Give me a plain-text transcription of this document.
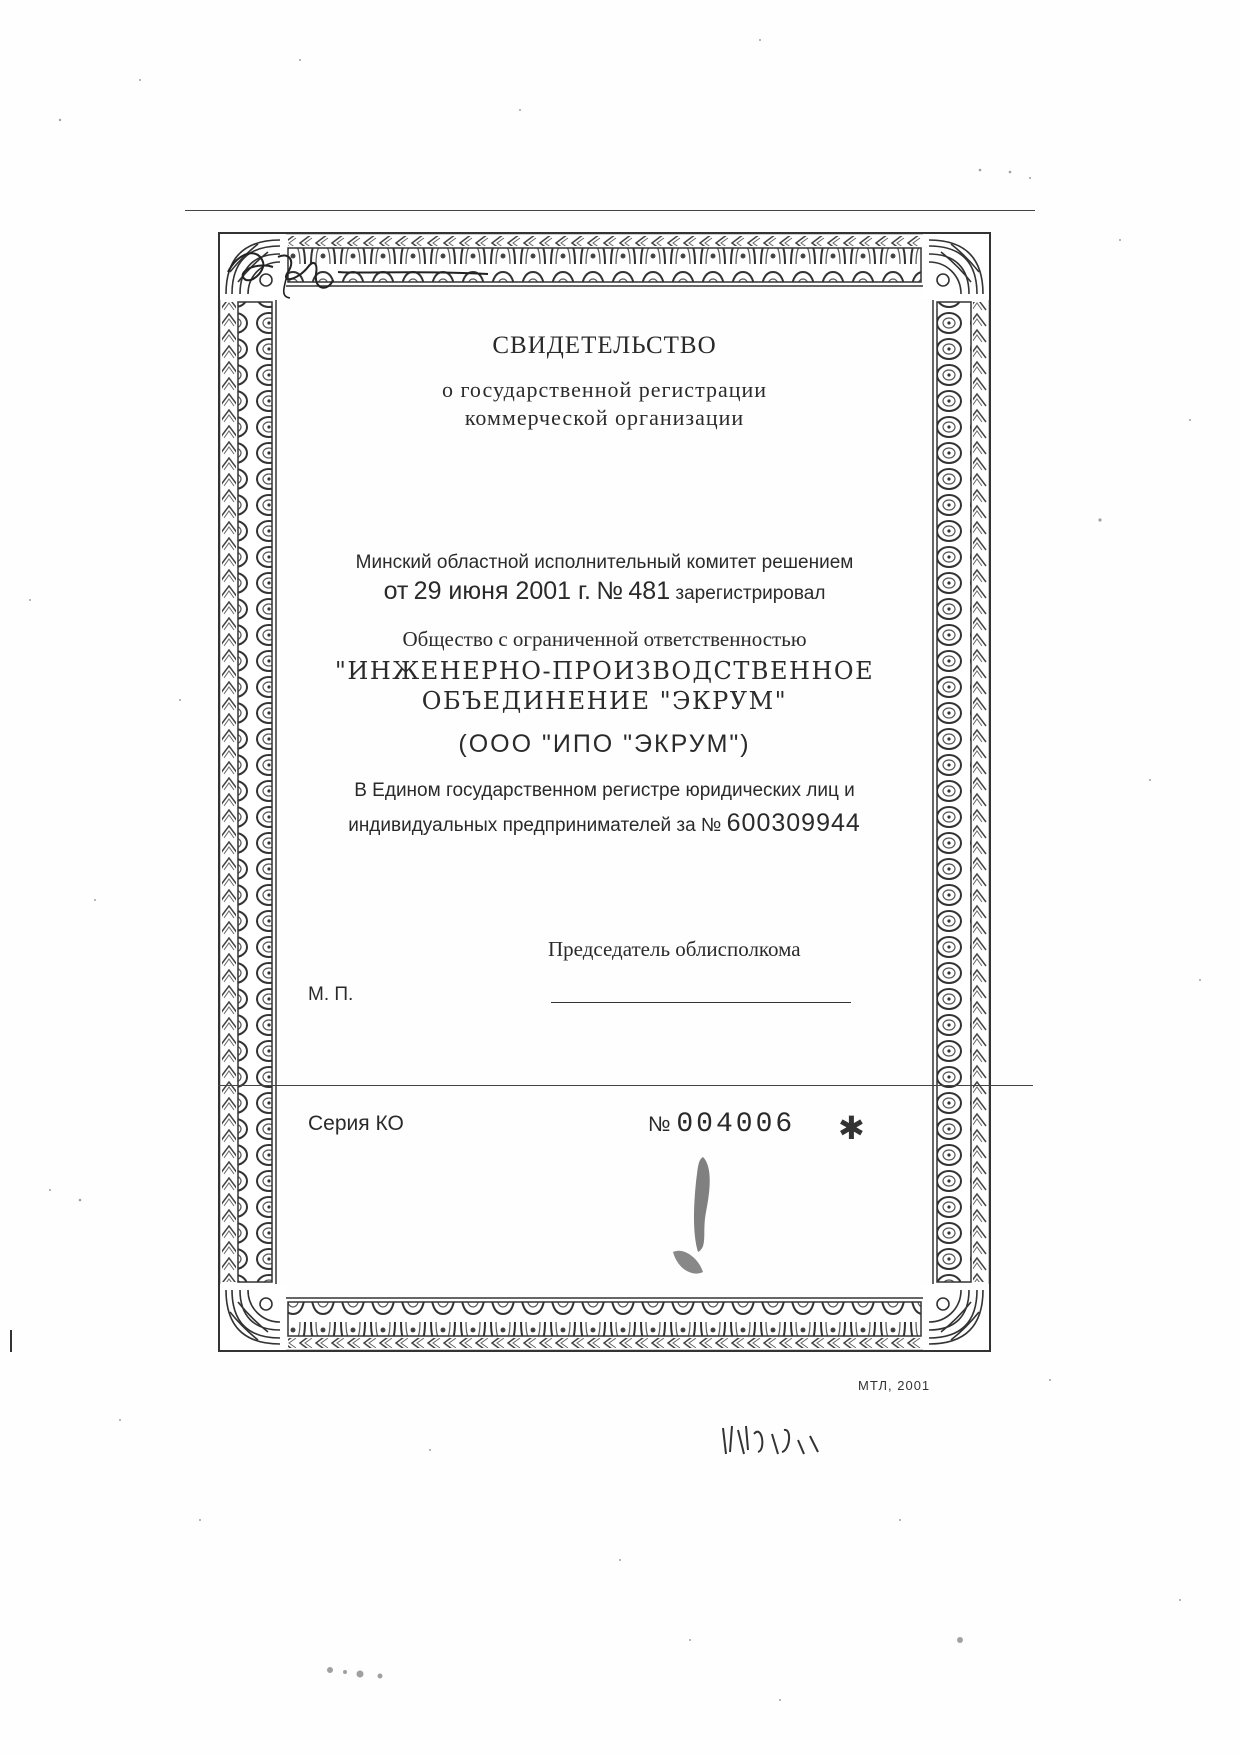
СВИДЕТЕЛЬСТВО
о государственной регистрации
коммерческой организации
Минский областной исполнительный комитет решением
от 29 июня 2001 г. № 481 зарегистрировал
Общество с ограниченной ответственностью
"ИНЖЕНЕРНО-ПРОИЗВОДСТВЕННОЕ
ОБЪЕДИНЕНИЕ "ЭКРУМ"
(ООО "ИПО "ЭКРУМ")
В Едином государственном регистре юридических лиц и
индивидуальных предпринимателей за № 600309944
Председатель облисполкома
М. П.
Серия КО	№ 004006 ✱
МТЛ, 2001
